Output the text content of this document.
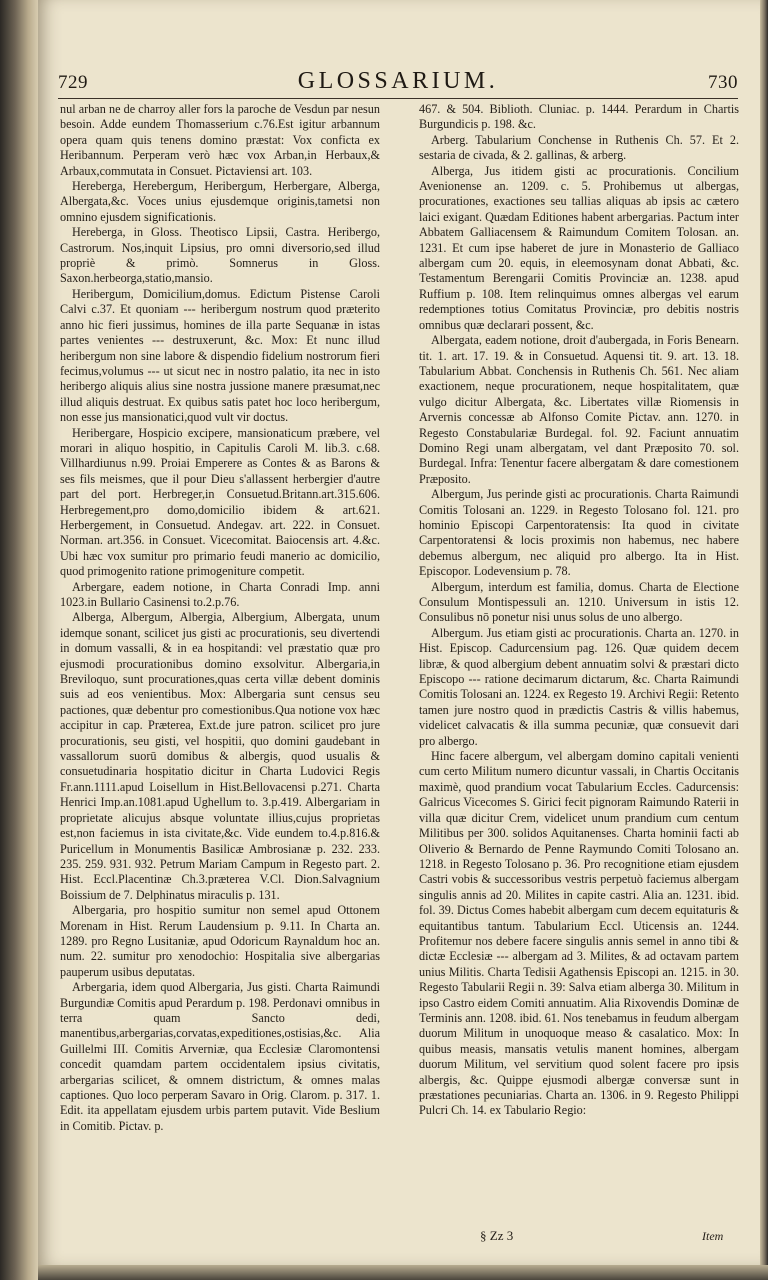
729	GLOSSARIUM.	730

nul arban ne de charroy aller fors la paroche de Vesdun par nesun besoin. Adde eundem Thomasserium c.76.Est igitur arbannum opera quam quis tenens domino præstat: Vox conficta ex Heribannum. Perperam verò hæc vox Arban,in Herbaux,& Arbaux,commutata in Consuet. Pictaviensi art. 103.

Hereberga, Herebergum, Heribergum, Herbergare, Alberga, Albergata,&c. Voces unius ejusdemque originis,tametsi non omnino ejusdem significationis.

Hereberga, in Gloss. Theotisco Lipsii, Castra. Heribergo, Castrorum. Nos,inquit Lipsius, pro omni diversorio,sed illud propriè & primò. Somnerus in Gloss. Saxon.herbeorga,statio,mansio.

Heribergum, Domicilium,domus. Edictum Pistense Caroli Calvi c.37. Et quoniam --- heribergum nostrum quod præterito anno hic fieri jussimus, homines de illa parte Sequanæ in istas partes venientes --- destruxerunt, &c. Mox: Et nunc illud heribergum non sine labore & dispendio fidelium nostrorum fieri fecimus,volumus --- ut sicut nec in nostro palatio, ita nec in isto heribergo aliquis alius sine nostra jussione manere præsumat,nec illud aliquis destruat. Ex quibus satis patet hoc loco heribergum, non esse jus mansionatici,quod vult vir doctus.

Heribergare, Hospicio excipere, mansionaticum præbere, vel morari in aliquo hospitio, in Capitulis Caroli M. lib.3. c.68. Villhardiunus n.99. Proiai Emperere as Contes & as Barons & ses fils meismes, que il pour Dieu s'allassent herbergier d'autre part del port. Herbreger,in Consuetud.Britann.art.315.606. Herbregement,pro domo,domicilio ibidem & art.621. Herbergement, in Consuetud. Andegav. art. 222. in Consuet. Norman. art.356. in Consuet. Vicecomitat. Baiocensis art. 4.&c. Ubi hæc vox sumitur pro primario feudi manerio ac domicilio, quod primogenito ratione primogeniture competit.

Arbergare, eadem notione, in Charta Conradi Imp. anni 1023.in Bullario Casinensi to.2.p.76.

Alberga, Albergum, Albergia, Albergium, Albergata, unum idemque sonant, scilicet jus gisti ac procurationis, seu divertendi in domum vassalli, & in ea hospitandi: vel præstatio quæ pro ejusmodi procurationibus domino exsolvitur. Albergaria,in Breviloquo, sunt procurationes,quas certa villæ debent dominis suis ad eos venientibus. Mox: Albergaria sunt census seu pactiones, quæ debentur pro comestionibus.Qua notione vox hæc accipitur in cap. Præterea, Ext.de jure patron. scilicet pro jure procurationis, seu gisti, vel hospitii, quo domini gaudebant in vassallorum suorū domibus & albergis, quod usualis & consuetudinaria hospitatio dicitur in Charta Ludovici Regis Fr.ann.1111.apud Loisellum in Hist.Bellovacensi p.271. Charta Henrici Imp.an.1081.apud Ughellum to. 3.p.419. Albergariam in proprietate alicujus absque voluntate illius,cujus proprietas est,non faciemus in ista civitate,&c. Vide eundem to.4.p.816.& Puricellum in Monumentis Basilicæ Ambrosianæ p. 232. 233. 235. 259. 931. 932. Petrum Mariam Campum in Regesto part. 2. Hist. Eccl.Placentinæ Ch.3.præterea V.Cl. Dion.Salvagnium Boissium de 7. Delphinatus miraculis p. 131.

Albergaria, pro hospitio sumitur non semel apud Ottonem Morenam in Hist. Rerum Laudensium p. 9.11. In Charta an. 1289. pro Regno Lusitaniæ, apud Odoricum Raynaldum hoc an. num. 22. sumitur pro xenodochio: Hospitalia sive albergarias pauperum usibus deputatas.

Arbergaria, idem quod Albergaria, Jus gisti. Charta Raimundi Burgundiæ Comitis apud Perardum p. 198. Perdonavi omnibus in terra quam Sancto dedi, manentibus,arbergarias,corvatas,expeditiones,ostisias,&c. Alia Guillelmi III. Comitis Arverniæ, qua Ecclesiæ Claromontensi concedit quamdam partem occidentalem ipsius civitatis, arbergarias scilicet, & omnem districtum, & omnes malas captiones. Quo loco perperam Savaro in Orig. Clarom. p. 317. 1. Edit. ita appellatam ejusdem urbis partem putavit. Vide Beslium in Comitib. Pictav. p.

467. & 504. Biblioth. Cluniac. p. 1444. Perardum in Chartis Burgundicis p. 198. &c.

Arberg. Tabularium Conchense in Ruthenis Ch. 57. Et 2. sestaria de civada, & 2. gallinas, & arberg.

Alberga, Jus itidem gisti ac procurationis. Concilium Avenionense an. 1209. c. 5. Prohibemus ut albergas, procurationes, exactiones seu tallias aliquas ab ipsis ac cætero laici exigant. Quædam Editiones habent arbergarias. Pactum inter Abbatem Galliacensem & Raimundum Comitem Tolosan. an. 1231. Et cum ipse haberet de jure in Monasterio de Galliaco albergam cum 20. equis, in eleemosynam donat Abbati, &c. Testamentum Berengarii Comitis Provinciæ an. 1238. apud Ruffium p. 108. Item relinquimus omnes albergas vel earum redemptiones totius Comitatus Provinciæ, pro debitis nostris omnibus quæ declarari possent, &c.

Albergata, eadem notione, droit d'aubergada, in Foris Benearn. tit. 1. art. 17. 19. & in Consuetud. Aquensi tit. 9. art. 13. 18. Tabularium Abbat. Conchensis in Ruthenis Ch. 561. Nec aliam exactionem, neque procurationem, neque hospitalitatem, quæ vulgo dicitur Albergata, &c. Libertates villæ Riomensis in Arvernis concessæ ab Alfonso Comite Pictav. ann. 1270. in Regesto Constabulariæ Burdegal. fol. 92. Faciunt annuatim Domino Regi unam albergatam, vel dant Præposito 70. sol. Burdegal. Infra: Tenentur facere albergatam & dare comestionem Præposito.

Albergum, Jus perinde gisti ac procurationis. Charta Raimundi Comitis Tolosani an. 1229. in Regesto Tolosano fol. 121. pro hominio Episcopi Carpentoratensis: Ita quod in civitate Carpentoratensi & locis proximis non habemus, nec habere debemus albergum, nec aliquid pro albergo. Ita in Hist. Episcopor. Lodevensium p. 78.

Albergum, interdum est familia, domus. Charta de Electione Consulum Montispessuli an. 1210. Universum in istis 12. Consulibus nō ponetur nisi unus solus de uno albergo.

Albergum. Jus etiam gisti ac procurationis. Charta an. 1270. in Hist. Episcop. Cadurcensium pag. 126. Quæ quidem decem libræ, & quod albergium debent annuatim solvi & præstari dicto Episcopo --- ratione decimarum dictarum, &c. Charta Raimundi Comitis Tolosani an. 1224. ex Regesto 19. Archivi Regii: Retento tamen jure nostro quod in prædictis Castris & villis habemus, videlicet calvacatis & illa summa pecuniæ, quæ consuevit dari pro albergo.

Hinc facere albergum, vel albergam domino capitali venienti cum certo Militum numero dicuntur vassali, in Chartis Occitanis maximè, quod prandium vocat Tabularium Eccles. Cadurcensis: Galricus Vicecomes S. Girici fecit pignoram Raimundo Raterii in villa quæ dicitur Crem, videlicet unum prandium cum centum Militibus per 300. solidos Aquitanenses. Charta hominii facti ab Oliverio & Bernardo de Penne Raymundo Comiti Tolosano an. 1218. in Regesto Tolosano p. 36. Pro recognitione etiam ejusdem Castri vobis & successoribus vestris perpetuò faciemus albergam singulis annis ad 20. Milites in capite castri. Alia an. 1231. ibid. fol. 39. Dictus Comes habebit albergam cum decem equitaturis & equitantibus tantum. Tabularium Eccl. Uticensis an. 1244. Profitemur nos debere facere singulis annis semel in anno tibi & dictæ Ecclesiæ --- albergam ad 3. Milites, & ad octavam partem unius Militis. Charta Tedisii Agathensis Episcopi an. 1215. in 30. Regesto Tabularii Regii n. 39: Salva etiam alberga 30. Militum in ipso Castro eidem Comiti annuatim. Alia Rixovendis Dominæ de Terminis ann. 1208. ibid. 61. Nos tenebamus in feudum albergam duorum Militum in unoquoque measo & casalatico. Mox: In quibus measis, mansatis vetulis manent homines, albergam duorum Militum, vel servitium quod solent facere pro ipsis albergis, &c. Quippe ejusmodi albergæ conversæ sunt in præstationes pecuniarias. Charta an. 1306. in 9. Regesto Philippi Pulcri Ch. 14. ex Tabulario Regio:

§ Zz 3	Item
